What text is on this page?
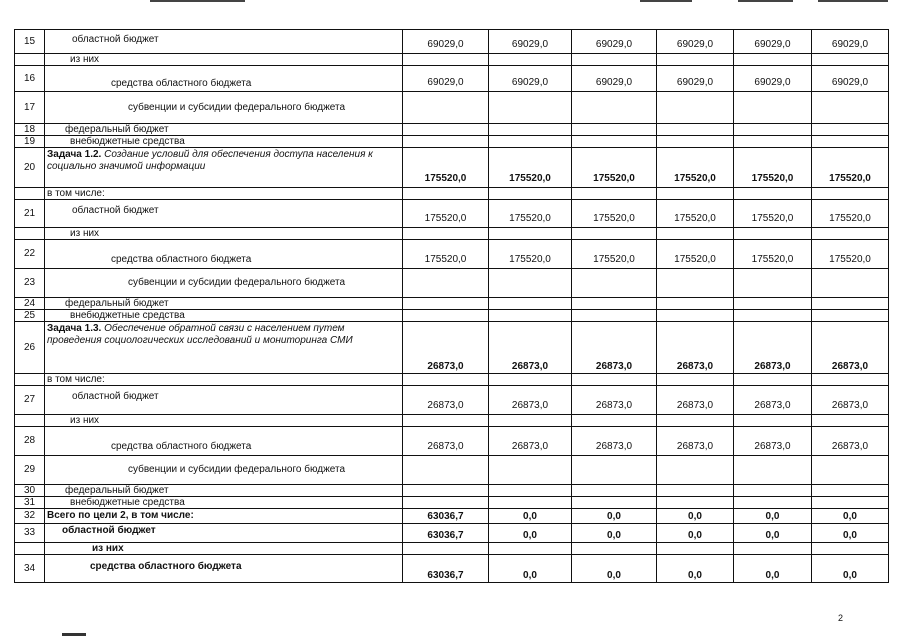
15	областной бюджет	69029,0	69029,0	69029,0	69029,0	69029,0	69029,0
	из них						
16	средства областного бюджета	69029,0	69029,0	69029,0	69029,0	69029,0	69029,0
17	субвенции и субсидии федерального бюджета						
18	федеральный бюджет						
19	внебюджетные средства						
20	Задача 1.2. Создание условий для обеспечения доступа населения к социально значимой информации	175520,0	175520,0	175520,0	175520,0	175520,0	175520,0
	в том числе:						
21	областной бюджет	175520,0	175520,0	175520,0	175520,0	175520,0	175520,0
	из них						
22	средства областного бюджета	175520,0	175520,0	175520,0	175520,0	175520,0	175520,0
23	субвенции и субсидии федерального бюджета						
24	федеральный бюджет						
25	внебюджетные средства						
26	Задача 1.3. Обеспечение обратной связи с населением путем проведения социологических исследований и мониторинга СМИ	26873,0	26873,0	26873,0	26873,0	26873,0	26873,0
	в том числе:						
27	областной бюджет	26873,0	26873,0	26873,0	26873,0	26873,0	26873,0
	из них						
28	средства областного бюджета	26873,0	26873,0	26873,0	26873,0	26873,0	26873,0
29	субвенции и субсидии федерального бюджета						
30	федеральный бюджет						
31	внебюджетные средства						
32	Всего по цели 2, в том числе:	63036,7	0,0	0,0	0,0	0,0	0,0
33	областной бюджет	63036,7	0,0	0,0	0,0	0,0	0,0
	из них						
34	средства областного бюджета	63036,7	0,0	0,0	0,0	0,0	0,0
2
